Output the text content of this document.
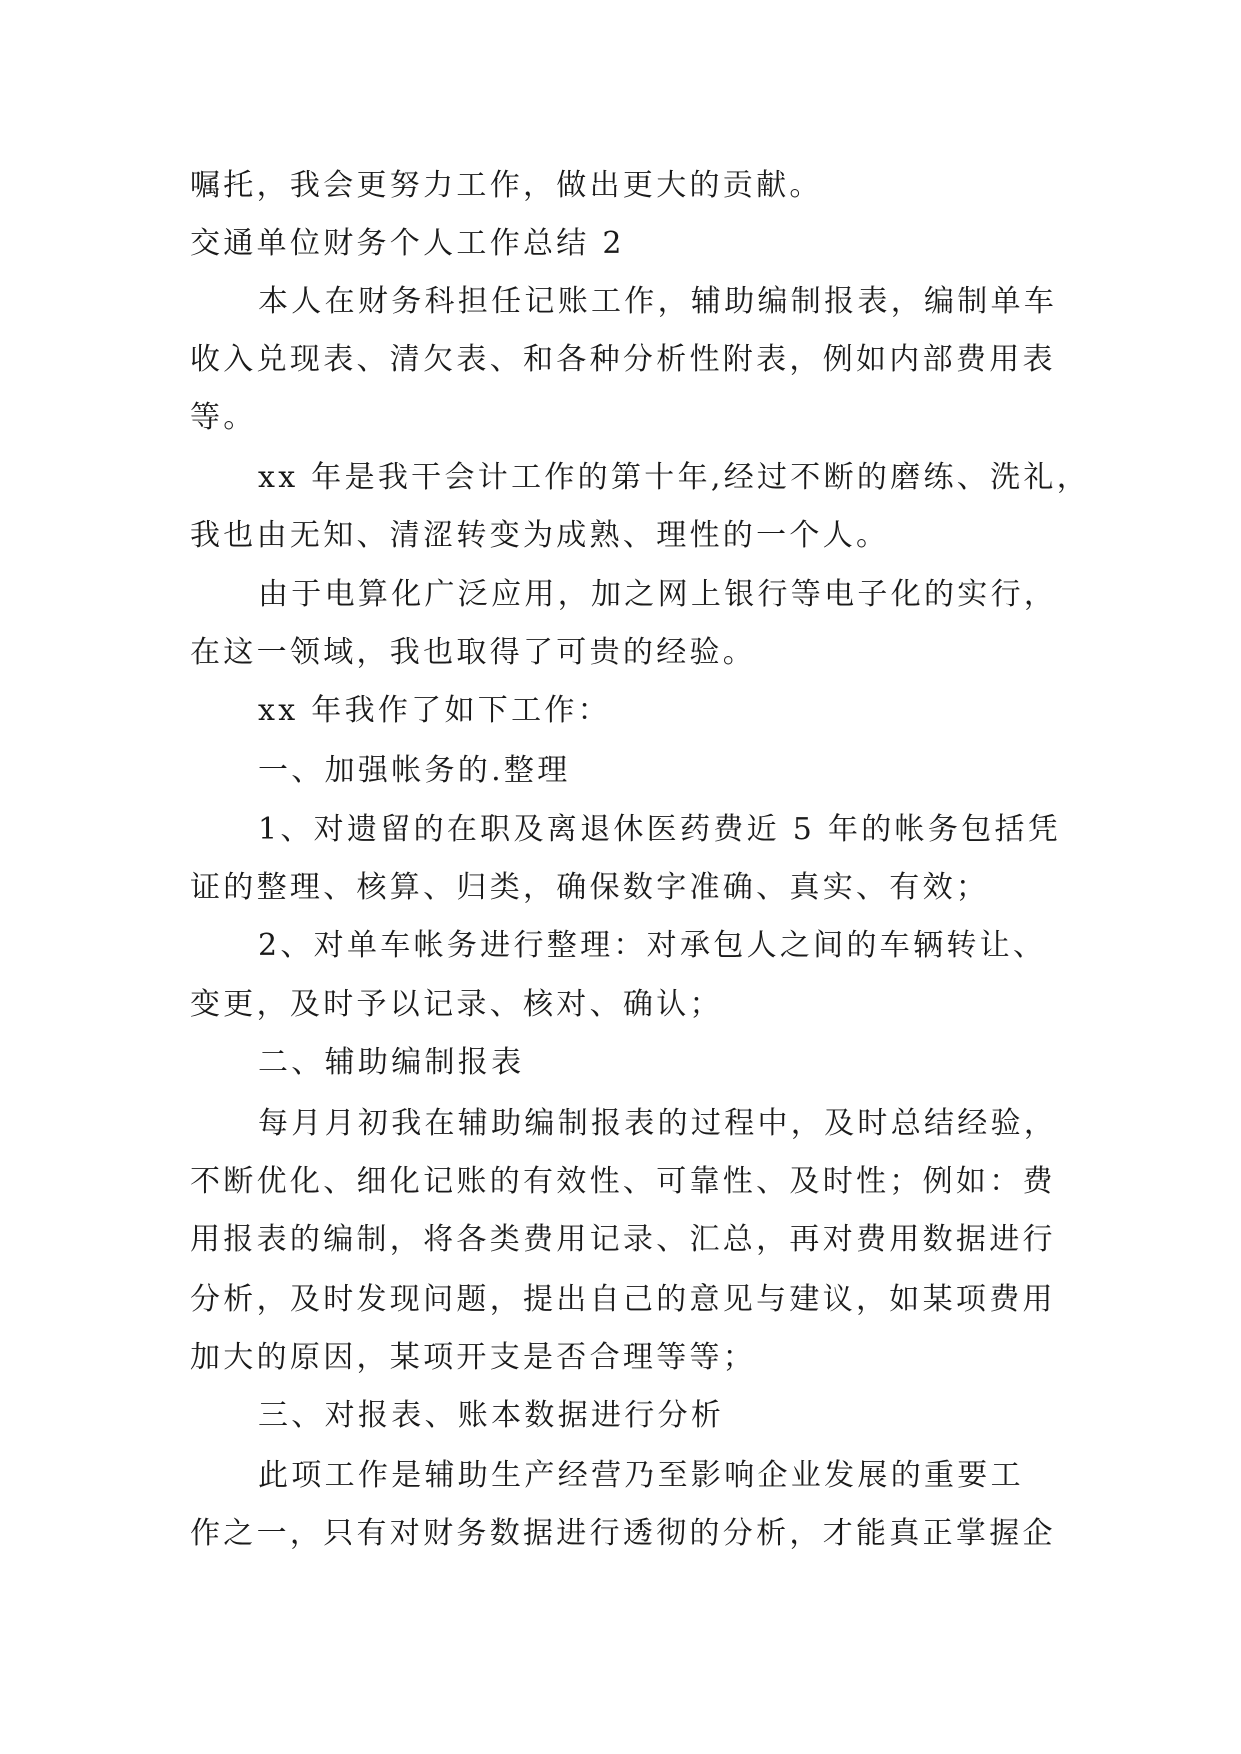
嘱托，我会更努力工作，做出更大的贡献。
交通单位财务个人工作总结 2
本人在财务科担任记账工作，辅助编制报表，编制单车
收入兑现表、清欠表、和各种分析性附表，例如内部费用表
等。
xx 年是我干会计工作的第十年,经过不断的磨练、洗礼，
我也由无知、清涩转变为成熟、理性的一个人。
由于电算化广泛应用，加之网上银行等电子化的实行，
在这一领域，我也取得了可贵的经验。
xx 年我作了如下工作：
一、加强帐务的.整理
1、对遗留的在职及离退休医药费近 5 年的帐务包括凭
证的整理、核算、归类，确保数字准确、真实、有效；
2、对单车帐务进行整理：对承包人之间的车辆转让、
变更，及时予以记录、核对、确认；
二、辅助编制报表
每月月初我在辅助编制报表的过程中，及时总结经验，
不断优化、细化记账的有效性、可靠性、及时性；例如：费
用报表的编制，将各类费用记录、汇总，再对费用数据进行
分析，及时发现问题，提出自己的意见与建议，如某项费用
加大的原因，某项开支是否合理等等；
三、对报表、账本数据进行分析
此项工作是辅助生产经营乃至影响企业发展的重要工
作之一，只有对财务数据进行透彻的分析，才能真正掌握企
